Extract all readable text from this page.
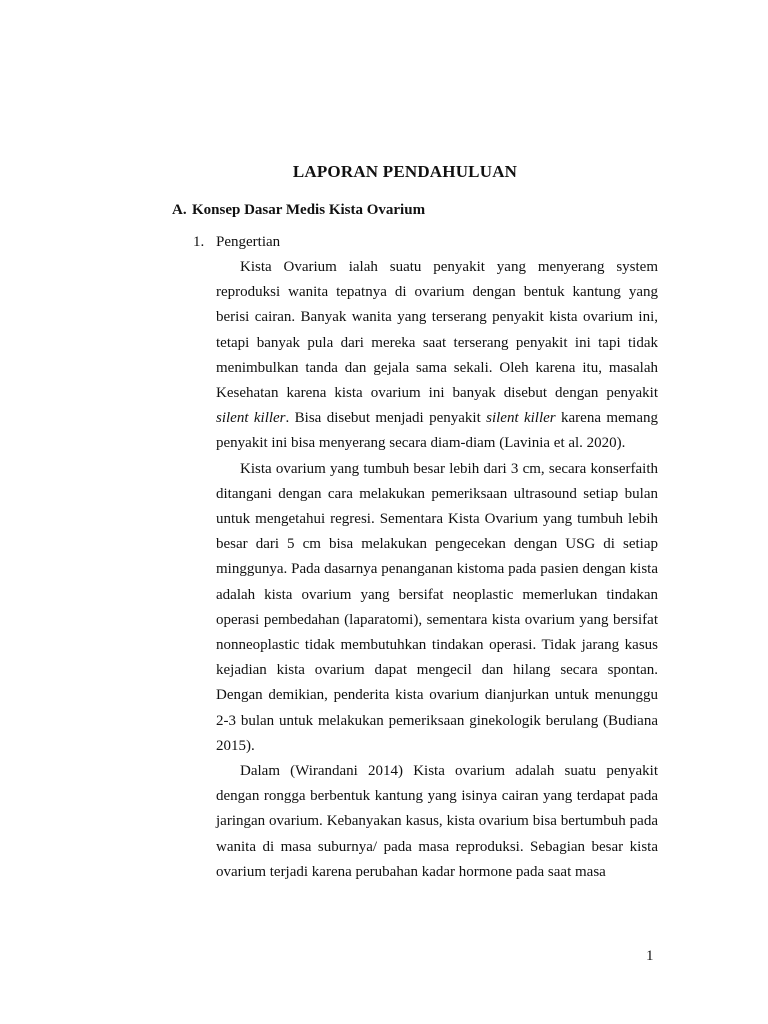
LAPORAN PENDAHULUAN
A. Konsep Dasar Medis Kista Ovarium
1. Pengertian

Kista Ovarium ialah suatu penyakit yang menyerang system reproduksi wanita tepatnya di ovarium dengan bentuk kantung yang berisi cairan. Banyak wanita yang terserang penyakit kista ovarium ini, tetapi banyak pula dari mereka saat terserang penyakit ini tapi tidak menimbulkan tanda dan gejala sama sekali. Oleh karena itu, masalah Kesehatan karena kista ovarium ini banyak disebut dengan penyakit silent killer. Bisa disebut menjadi penyakit silent killer karena memang penyakit ini bisa menyerang secara diam-diam (Lavinia et al. 2020).

Kista ovarium yang tumbuh besar lebih dari 3 cm, secara konserfaith ditangani dengan cara melakukan pemeriksaan ultrasound setiap bulan untuk mengetahui regresi. Sementara Kista Ovarium yang tumbuh lebih besar dari 5 cm bisa melakukan pengecekan dengan USG di setiap minggunya. Pada dasarnya penanganan kistoma pada pasien dengan kista adalah kista ovarium yang bersifat neoplastic memerlukan tindakan operasi pembedahan (laparatomi), sementara kista ovarium yang bersifat nonneoplastic tidak membutuhkan tindakan operasi. Tidak jarang kasus kejadian kista ovarium dapat mengecil dan hilang secara spontan. Dengan demikian, penderita kista ovarium dianjurkan untuk menunggu 2-3 bulan untuk melakukan pemeriksaan ginekologik berulang (Budiana 2015).

Dalam (Wirandani 2014) Kista ovarium adalah suatu penyakit dengan rongga berbentuk kantung yang isinya cairan yang terdapat pada jaringan ovarium. Kebanyakan kasus, kista ovarium bisa bertumbuh pada wanita di masa suburnya/ pada masa reproduksi. Sebagian besar kista ovarium terjadi karena perubahan kadar hormone pada saat masa

1
